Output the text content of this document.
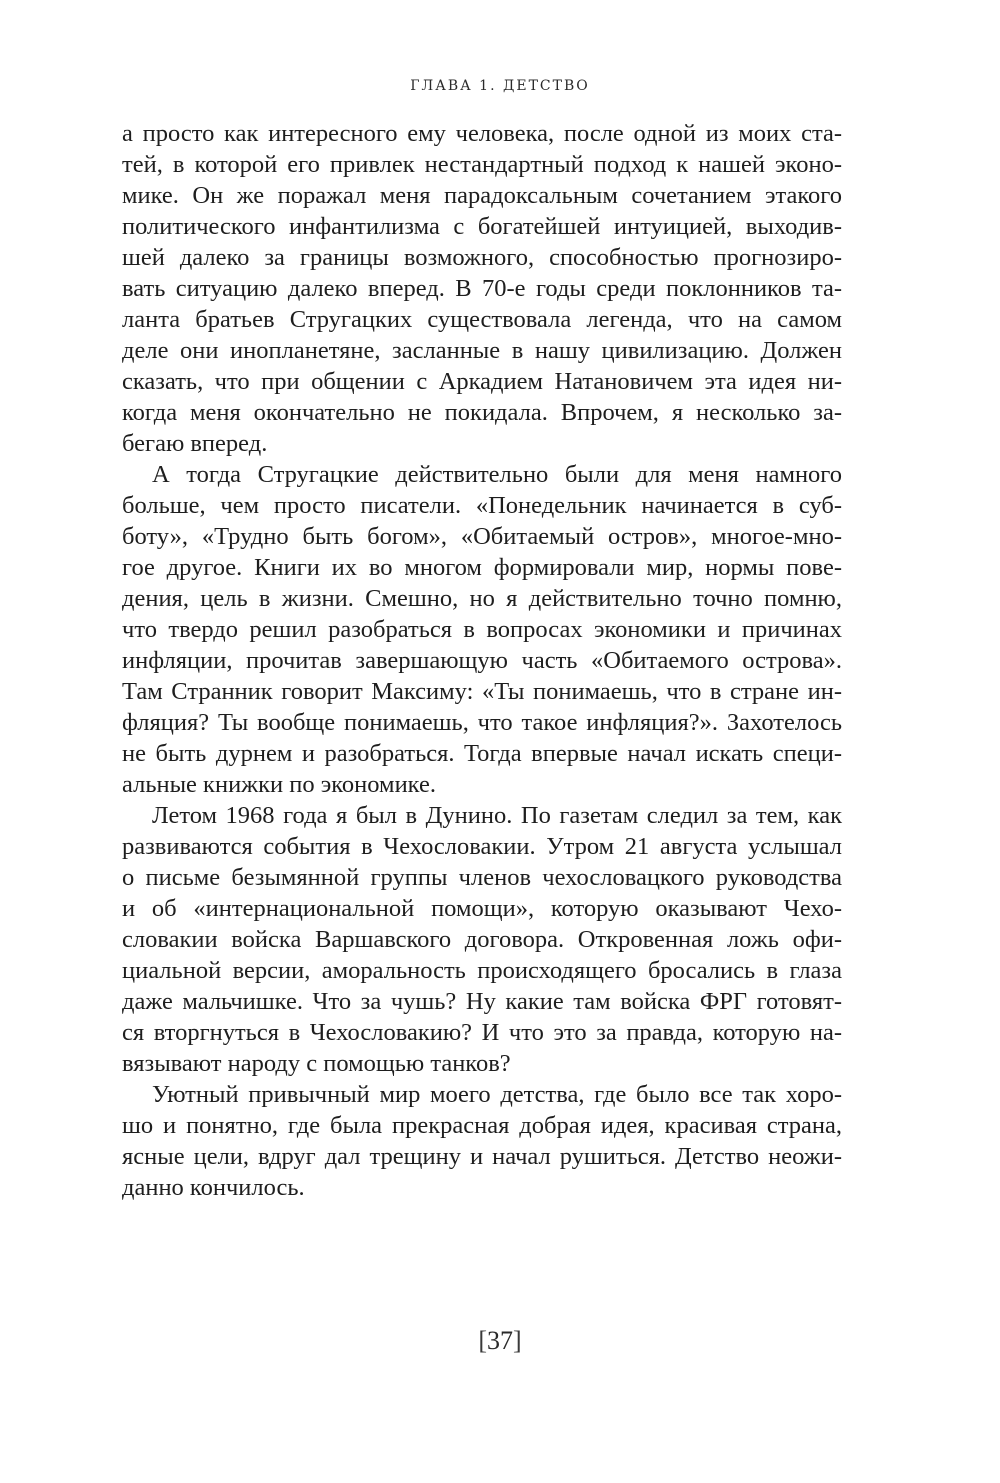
ГЛАВА 1. ДЕТСТВО
а просто как интересного ему человека, после одной из моих ста-
тей, в которой его привлек нестандартный подход к нашей эконо-
мике. Он же поражал меня парадоксальным сочетанием этакого
политического инфантилизма с богатейшей интуицией, выходив-
шей далеко за границы возможного, способностью прогнозиро-
вать ситуацию далеко вперед. В 70-е годы среди поклонников та-
ланта братьев Стругацких существовала легенда, что на самом
деле они инопланетяне, засланные в нашу цивилизацию. Должен
сказать, что при общении с Аркадием Натановичем эта идея ни-
когда меня окончательно не покидала. Впрочем, я несколько за-
бегаю вперед.
А тогда Стругацкие действительно были для меня намного
больше, чем просто писатели. «Понедельник начинается в суб-
боту», «Трудно быть богом», «Обитаемый остров», многое-мно-
гое другое. Книги их во многом формировали мир, нормы пове-
дения, цель в жизни. Смешно, но я действительно точно помню,
что твердо решил разобраться в вопросах экономики и причинах
инфляции, прочитав завершающую часть «Обитаемого острова».
Там Странник говорит Максиму: «Ты понимаешь, что в стране ин-
фляция? Ты вообще понимаешь, что такое инфляция?». Захотелось
не быть дурнем и разобраться. Тогда впервые начал искать специ-
альные книжки по экономике.
Летом 1968 года я был в Дунино. По газетам следил за тем, как
развиваются события в Чехословакии. Утром 21 августа услышал
о письме безымянной группы членов чехословацкого руководства
и об «интернациональной помощи», которую оказывают Чехо-
словакии войска Варшавского договора. Откровенная ложь офи-
циальной версии, аморальность происходящего бросались в глаза
даже мальчишке. Что за чушь? Ну какие там войска ФРГ готовят-
ся вторгнуться в Чехословакию? И что это за правда, которую на-
вязывают народу с помощью танков?
Уютный привычный мир моего детства, где было все так хоро-
шо и понятно, где была прекрасная добрая идея, красивая страна,
ясные цели, вдруг дал трещину и начал рушиться. Детство неожи-
данно кончилось.
[37]
